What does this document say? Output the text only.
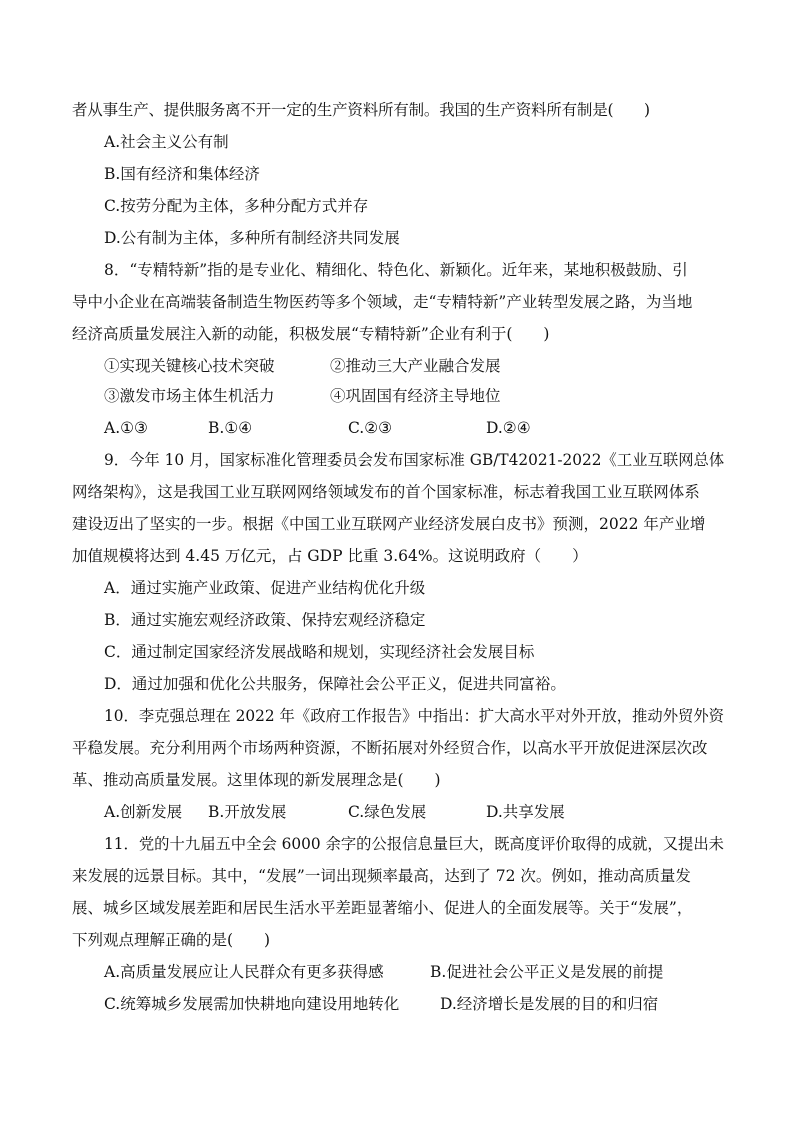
者从事生产、提供服务离不开一定的生产资料所有制。我国的生产资料所有制是(　　)
A.社会主义公有制
B.国有经济和集体经济
C.按劳分配为主体，多种分配方式并存
D.公有制为主体，多种所有制经济共同发展
8．“专精特新”指的是专业化、精细化、特色化、新颖化。近年来，某地积极鼓励、引
导中小企业在高端装备制造生物医药等多个领域，走“专精特新”产业转型发展之路，为当地
经济高质量发展注入新的动能，积极发展“专精特新”企业有利于(　　)
①实现关键核心技术突破	②推动三大产业融合发展
③激发市场主体生机活力	④巩固国有经济主导地位
A.①③	B.①④	C.②③	D.②④
9．今年 10 月，国家标准化管理委员会发布国家标准 GB/T42021-2022《工业互联网总体
网络架构》，这是我国工业互联网网络领域发布的首个国家标准，标志着我国工业互联网体系
建设迈出了坚实的一步。根据《中国工业互联网产业经济发展白皮书》预测，2022 年产业增
加值规模将达到 4.45 万亿元，占 GDP 比重 3.64%。这说明政府（　　）
A．通过实施产业政策、促进产业结构优化升级
B．通过实施宏观经济政策、保持宏观经济稳定
C．通过制定国家经济发展战略和规划，实现经济社会发展目标
D．通过加强和优化公共服务，保障社会公平正义，促进共同富裕。
10．李克强总理在 2022 年《政府工作报告》中指出：扩大高水平对外开放，推动外贸外资
平稳发展。充分利用两个市场两种资源，不断拓展对外经贸合作，以高水平开放促进深层次改
革、推动高质量发展。这里体现的新发展理念是(　　)
A.创新发展 B.开放发展	C.绿色发展	D.共享发展
11．党的十九届五中全会 6000 余字的公报信息量巨大，既高度评价取得的成就，又提出未
来发展的远景目标。其中，“发展”一词出现频率最高，达到了 72 次。例如，推动高质量发
展、城乡区域发展差距和居民生活水平差距显著缩小、促进人的全面发展等。关于“发展”，
下列观点理解正确的是(　　)
A.高质量发展应让人民群众有更多获得感	B.促进社会公平正义是发展的前提
C.统筹城乡发展需加快耕地向建设用地转化	D.经济增长是发展的目的和归宿
